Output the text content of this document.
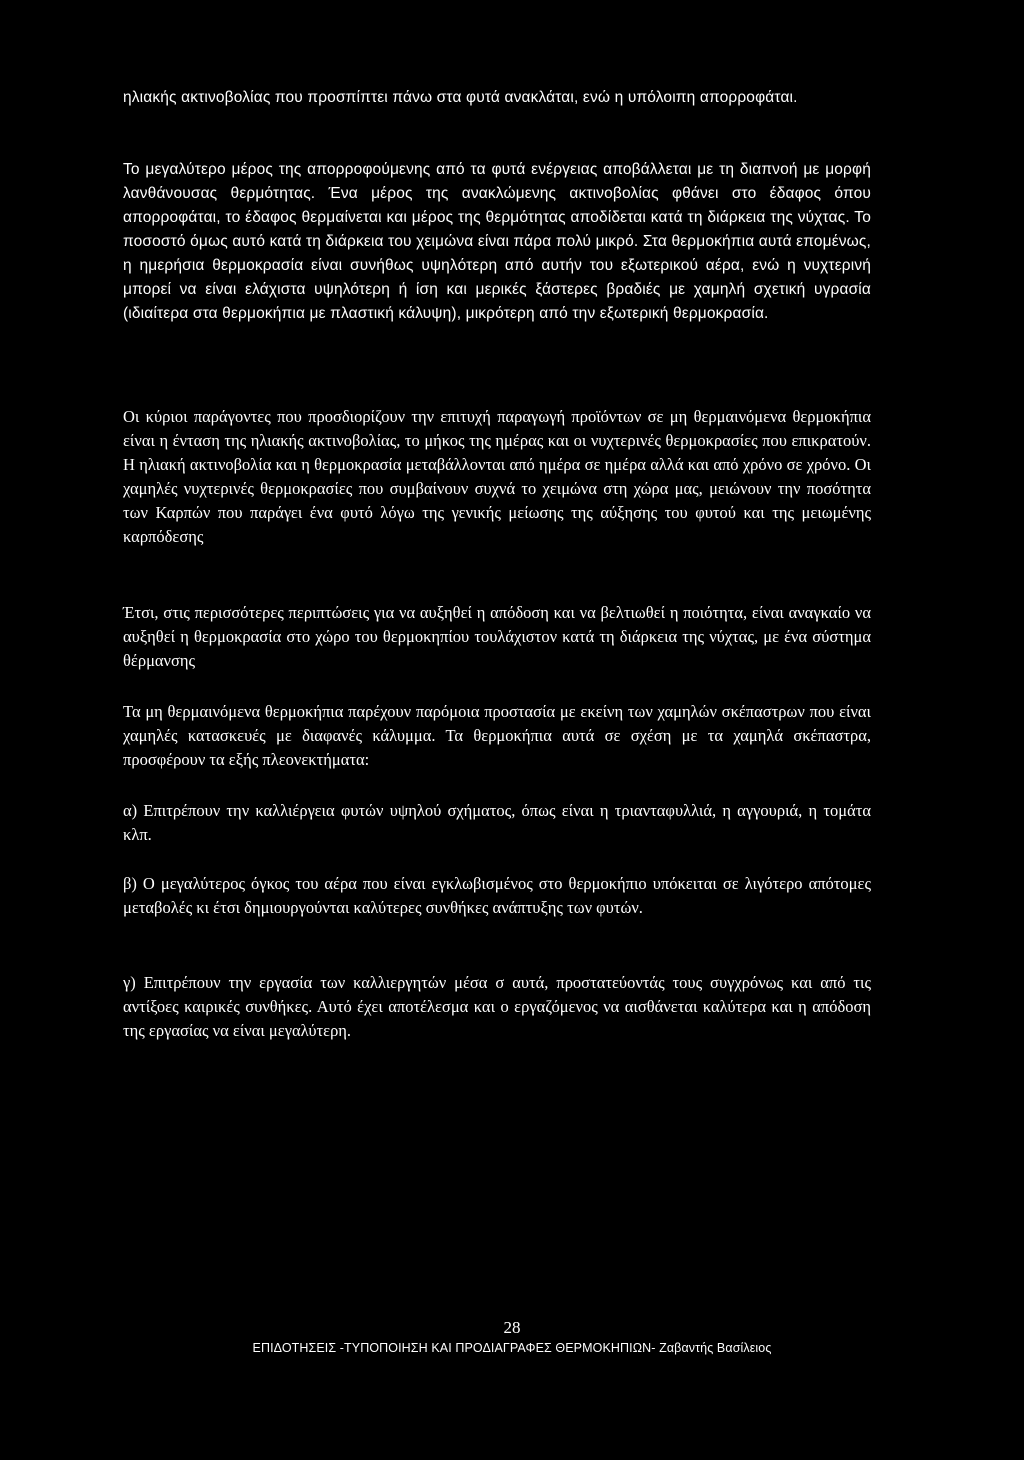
ηλιακής ακτινοβολίας που προσπίπτει πάνω στα φυτά ανακλάται, ενώ η υπόλοιπη απορροφάται.

Το μεγαλύτερο μέρος της απορροφούμενης από τα φυτά ενέργειας αποβάλλεται με τη διαπνοή με μορφή λανθάνουσας θερμότητας. Ένα μέρος της ανακλώμενης ακτινοβολίας φθάνει στο έδαφος όπου απορροφάται, το έδαφος θερμαίνεται και μέρος της θερμότητας αποδίδεται κατά τη διάρκεια της νύχτας. Το ποσοστό όμως αυτό κατά τη διάρκεια του χειμώνα είναι πάρα πολύ μικρό. Στα θερμοκήπια αυτά επομένως, η ημερήσια θερμοκρασία είναι συνήθως υψηλότερη από αυτήν του εξωτερικού αέρα, ενώ η νυχτερινή μπορεί να είναι ελάχιστα υψηλότερη ή ίση και μερικές ξάστερες βραδιές με χαμηλή σχετική υγρασία (ιδιαίτερα στα θερμοκήπια με πλαστική κάλυψη), μικρότερη από την εξωτερική θερμοκρασία.

Οι κύριοι παράγοντες που προσδιορίζουν την επιτυχή παραγωγή προϊόντων σε μη θερμαινόμενα θερμοκήπια είναι η ένταση της ηλιακής ακτινοβολίας, το μήκος της ημέρας και οι νυχτερινές θερμοκρασίες που επικρατούν. Η ηλιακή ακτινοβολία και η θερμοκρασία μεταβάλλονται από ημέρα σε ημέρα αλλά και από χρόνο σε χρόνο. Οι χαμηλές νυχτερινές θερμοκρασίες που συμβαίνουν συχνά το χειμώνα στη χώρα μας, μειώνουν την ποσότητα των Καρπών που παράγει ένα φυτό λόγω της γενικής μείωσης της αύξησης του φυτού και της μειωμένης καρπόδεσης

Έτσι, στις περισσότερες περιπτώσεις για να αυξηθεί η απόδοση και να βελτιωθεί η ποιότητα, είναι αναγκαίο να αυξηθεί η θερμοκρασία στο χώρο του θερμοκηπίου τουλάχιστον κατά τη διάρκεια της νύχτας, με ένα σύστημα θέρμανσης

Τα μη θερμαινόμενα θερμοκήπια παρέχουν παρόμοια προστασία με εκείνη των χαμηλών σκέπαστρων που είναι χαμηλές κατασκευές με διαφανές κάλυμμα. Τα θερμοκήπια αυτά σε σχέση με τα χαμηλά σκέπαστρα, προσφέρουν τα εξής πλεονεκτήματα:

α) Επιτρέπουν την καλλιέργεια φυτών υψηλού σχήματος, όπως είναι η τριανταφυλλιά, η αγγουριά, η τομάτα κλπ.

β) Ο μεγαλύτερος όγκος του αέρα που είναι εγκλωβισμένος στο θερμοκήπιο υπόκειται σε λιγότερο απότομες μεταβολές κι έτσι δημιουργούνται καλύτερες συνθήκες ανάπτυξης των φυτών.

γ) Επιτρέπουν την εργασία των καλλιεργητών μέσα σ αυτά, προστατεύοντάς τους συγχρόνως και από τις αντίξοες καιρικές συνθήκες. Αυτό έχει αποτέλεσμα και ο εργαζόμενος να αισθάνεται καλύτερα και η απόδοση της εργασίας να είναι μεγαλύτερη.

28

ΕΠΙΔΟΤΗΣΕΙΣ -ΤΥΠΟΠΟΙΗΣΗ ΚΑΙ ΠΡΟΔΙΑΓΡΑΦΕΣ ΘΕΡΜΟΚΗΠΙΩΝ- Ζαβαντής Βασίλειος
